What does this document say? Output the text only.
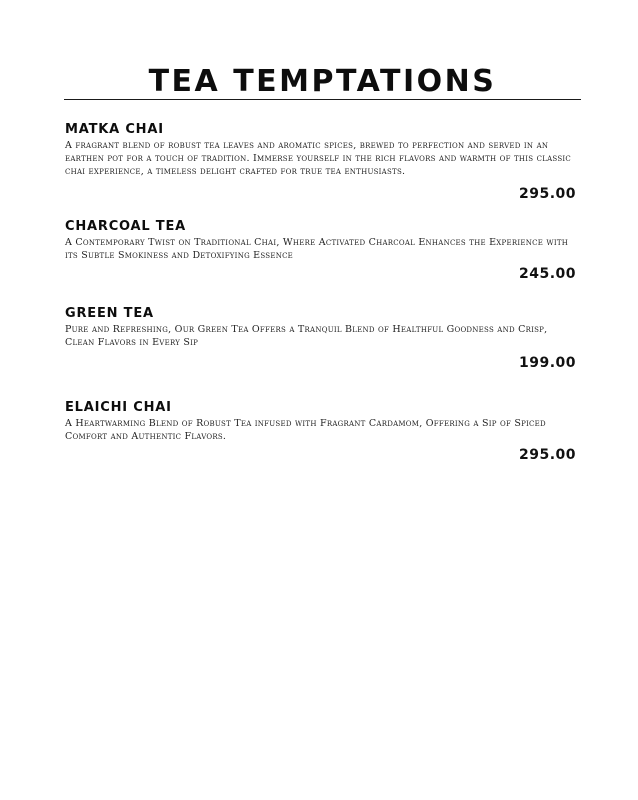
TEA TEMPTATIONS
MATKA CHAI

A fragrant blend of robust tea leaves and aromatic spices, brewed to perfection and served in an earthen pot for a touch of tradition. Immerse yourself in the rich flavors and warmth of this classic chai experience, a timeless delight crafted for true tea enthusiasts.

295.00
CHARCOAL TEA

A Contemporary Twist on Traditional Chai, Where Activated Charcoal Enhances the Experience with its Subtle Smokiness and Detoxifying Essence

245.00
GREEN TEA

Pure and Refreshing, Our Green Tea Offers a Tranquil Blend of Healthful Goodness and Crisp, Clean Flavors in Every Sip

199.00
ELAICHI CHAI

A Heartwarming Blend of Robust Tea infused with Fragrant Cardamom, Offering a Sip of Spiced Comfort and Authentic Flavors.

295.00
